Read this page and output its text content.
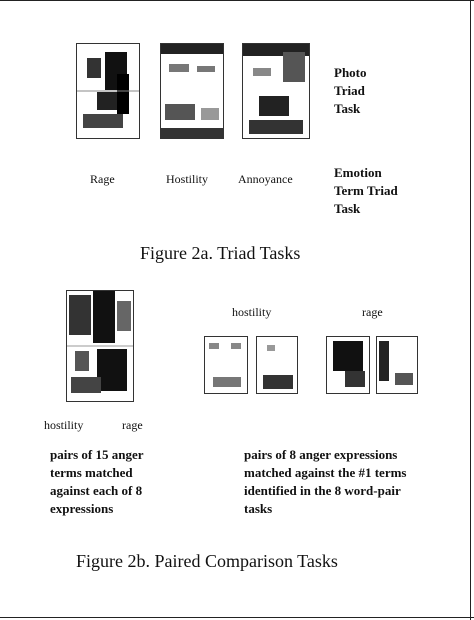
Photo
Triad
Task
Rage	Hostility Annoyance	Emotion
Term Triad
Task
Figure 2a. Triad Tasks
hostility	rage
pairs of 15 anger
terms matched
against each of 8
expressions
hostility	rage
pairs of 8 anger expressions
matched against the #1 terms
identified in the 8 word-pair
tasks
Figure 2b. Paired Comparison Tasks
